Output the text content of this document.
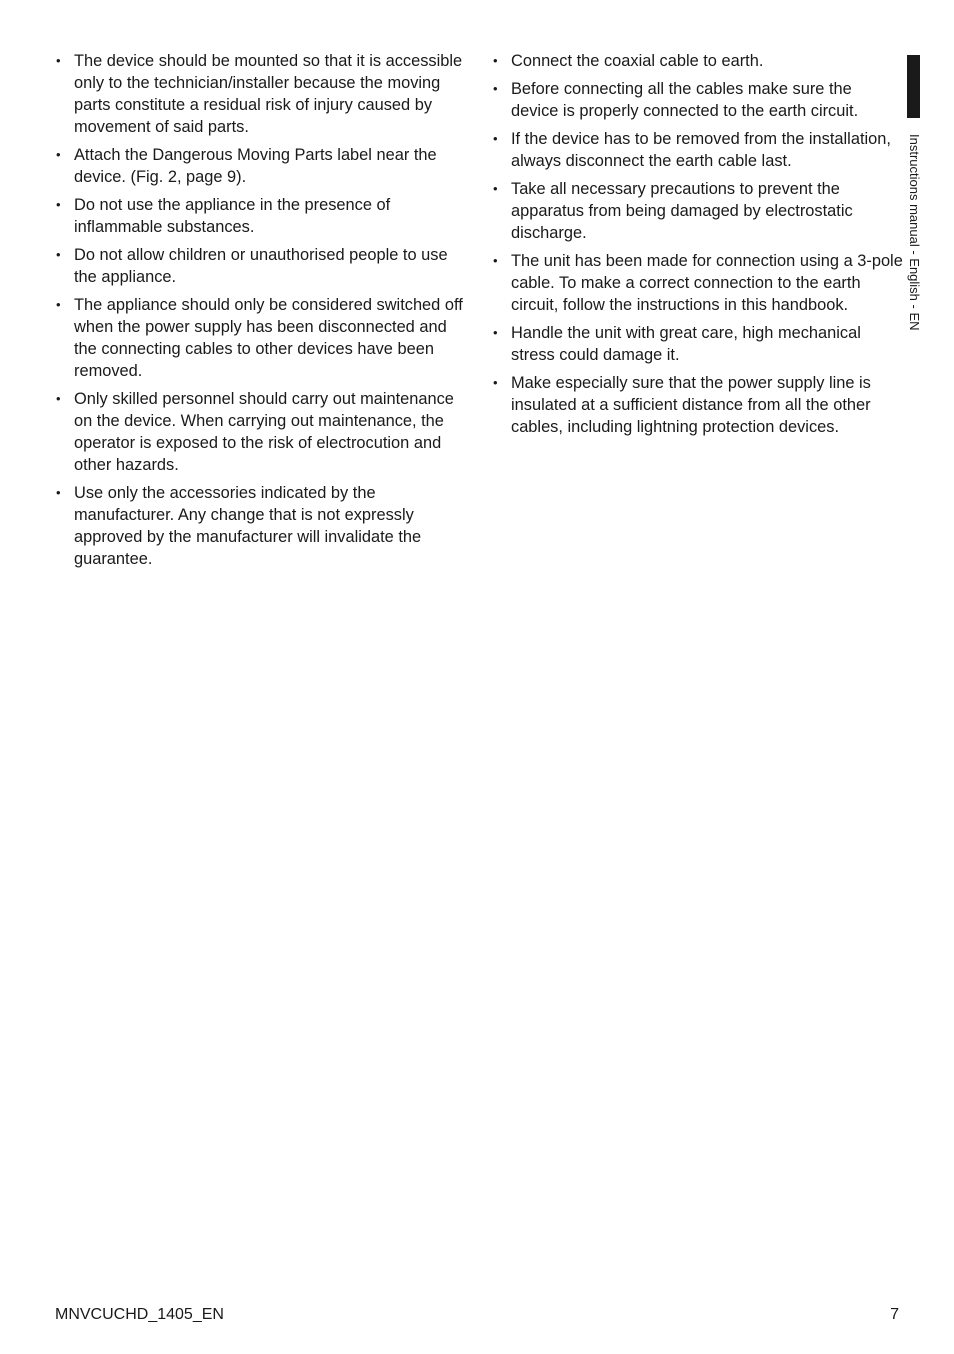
• The device should be mounted so that it is accessible only to the technician/installer because the moving parts constitute a residual risk of injury caused by movement of said parts.
• Attach the Dangerous Moving Parts label near the device. (Fig. 2, page 9).
• Do not use the appliance in the presence of inflammable substances.
• Do not allow children or unauthorised people to use the appliance.
• The appliance should only be considered switched off when the power supply has been disconnected and the connecting cables to other devices have been removed.
• Only skilled personnel should carry out maintenance on the device. When carrying out maintenance, the operator is exposed to the risk of electrocution and other hazards.
• Use only the accessories indicated by the manufacturer. Any change that is not expressly approved by the manufacturer will invalidate the guarantee.
• Connect the coaxial cable to earth.
• Before connecting all the cables make sure the device is properly connected to the earth circuit.
• If the device has to be removed from the installation, always disconnect the earth cable last.
• Take all necessary precautions to prevent the apparatus from being damaged by electrostatic discharge.
• The unit has been made for connection using a 3-pole cable. To make a correct connection to the earth circuit, follow the instructions in this handbook.
• Handle the unit with great care, high mechanical stress could damage it.
• Make especially sure that the power supply line is insulated at a sufficient distance from all the other cables, including lightning protection devices.
Instructions manual - English - EN
MNVCUCHD_1405_EN	7
